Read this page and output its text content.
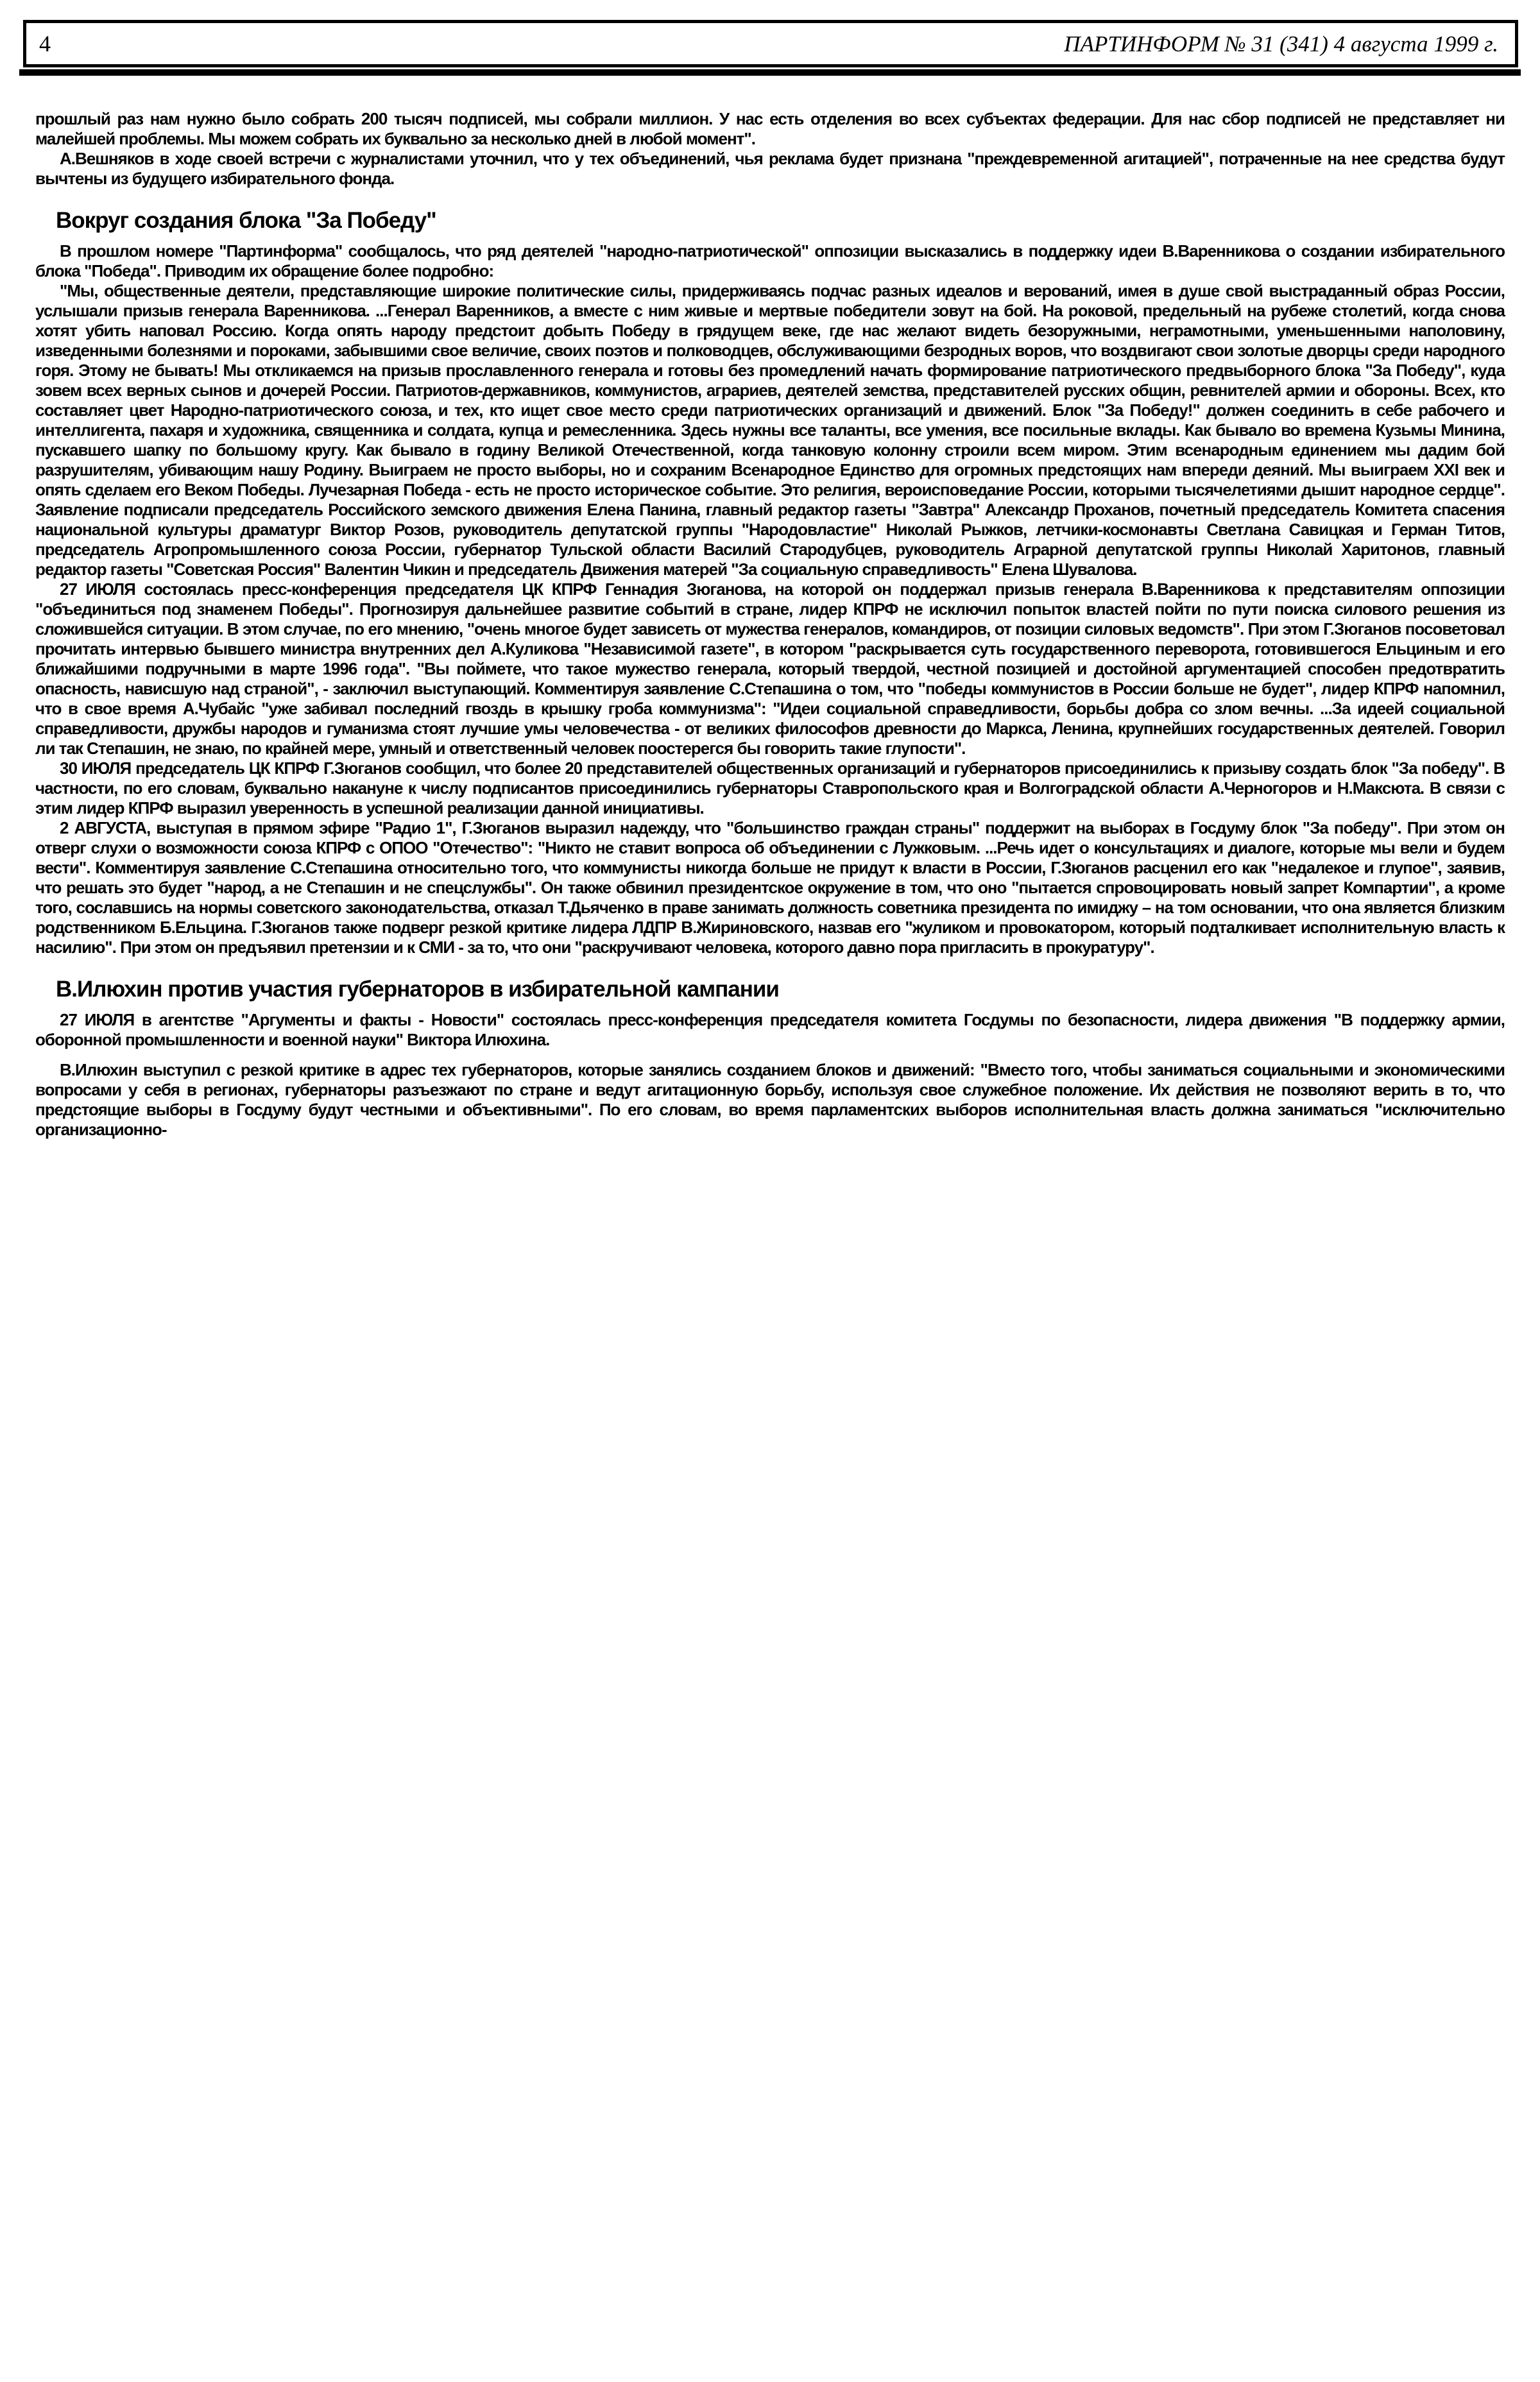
4	ПАРТИНФОРМ № 31 (341) 4 августа 1999 г.

прошлый раз нам нужно было собрать 200 тысяч подписей, мы собрали миллион. У нас есть отделения во всех субъектах федерации. Для нас сбор подписей не представляет ни малейшей проблемы. Мы можем собрать их буквально за несколько дней в любой момент".

А.Вешняков в ходе своей встречи с журналистами уточнил, что у тех объединений, чья реклама будет признана "преждевременной агитацией", потраченные на нее средства будут вычтены из будущего избирательного фонда.

Вокруг создания блока "За Победу"

В прошлом номере "Партинформа" сообщалось, что ряд деятелей "народно-патриотической" оппозиции высказались в поддержку идеи В.Варенникова о создании избирательного блока "Победа". Приводим их обращение более подробно:

"Мы, общественные деятели, представляющие широкие политические силы, придерживаясь подчас разных идеалов и верований, имея в душе свой выстраданный образ России, услышали призыв генерала Варенникова. ...Генерал Варенников, а вместе с ним живые и мертвые победители зовут на бой. На роковой, предельный на рубеже столетий, когда снова хотят убить наповал Россию. Когда опять народу предстоит добыть Победу в грядущем веке, где нас желают видеть безоружными, неграмотными, уменьшенными наполовину, изведенными болезнями и пороками, забывшими свое величие, своих поэтов и полководцев, обслуживающими безродных воров, что воздвигают свои золотые дворцы среди народного горя. Этому не бывать! Мы откликаемся на призыв прославленного генерала и готовы без промедлений начать формирование патриотического предвыборного блока "За Победу", куда зовем всех верных сынов и дочерей России. Патриотов-державников, коммунистов, аграриев, деятелей земства, представителей русских общин, ревнителей армии и обороны. Всех, кто составляет цвет Народно-патриотического союза, и тех, кто ищет свое место среди патриотических организаций и движений. Блок "За Победу!" должен соединить в себе рабочего и интеллигента, пахаря и художника, священника и солдата, купца и ремесленника. Здесь нужны все таланты, все умения, все посильные вклады. Как бывало во времена Кузьмы Минина, пускавшего шапку по большому кругу. Как бывало в годину Великой Отечественной, когда танковую колонну строили всем миром. Этим всенародным единением мы дадим бой разрушителям, убивающим нашу Родину. Выиграем не просто выборы, но и сохраним Всенародное Единство для огромных предстоящих нам впереди деяний. Мы выиграем XXI век и опять сделаем его Веком Победы. Лучезарная Победа - есть не просто историческое событие. Это религия, вероисповедание России, которыми тысячелетиями дышит народное сердце". Заявление подписали председатель Российского земского движения Елена Панина, главный редактор газеты "Завтра" Александр Проханов, почетный председатель Комитета спасения национальной культуры драматург Виктор Розов, руководитель депутатской группы "Народовластие" Николай Рыжков, летчики-космонавты Светлана Савицкая и Герман Титов, председатель Агропромышленного союза России, губернатор Тульской области Василий Стародубцев, руководитель Аграрной депутатской группы Николай Харитонов, главный редактор газеты "Советская Россия" Валентин Чикин и председатель Движения матерей "За социальную справедливость" Елена Шувалова.

27 ИЮЛЯ состоялась пресс-конференция председателя ЦК КПРФ Геннадия Зюганова, на которой он поддержал призыв генерала В.Варенникова к представителям оппозиции "объединиться под знаменем Победы". Прогнозируя дальнейшее развитие событий в стране, лидер КПРФ не исключил попыток властей пойти по пути поиска силового решения из сложившейся ситуации. В этом случае, по его мнению, "очень многое будет зависеть от мужества генералов, командиров, от позиции силовых ведомств". При этом Г.Зюганов посоветовал прочитать интервью бывшего министра внутренних дел А.Куликова "Независимой газете", в котором "раскрывается суть государственного переворота, готовившегося Ельциным и его ближайшими подручными в марте 1996 года". "Вы поймете, что такое мужество генерала, который твердой, честной позицией и достойной аргументацией способен предотвратить опасность, нависшую над страной", - заключил выступающий. Комментируя заявление С.Степашина о том, что "победы коммунистов в России больше не будет", лидер КПРФ напомнил, что в свое время А.Чубайс "уже забивал последний гвоздь в крышку гроба коммунизма": "Идеи социальной справедливости, борьбы добра со злом вечны. ...За идеей социальной справедливости, дружбы народов и гуманизма стоят лучшие умы человечества - от великих философов древности до Маркса, Ленина, крупнейших государственных деятелей. Говорил ли так Степашин, не знаю, по крайней мере, умный и ответственный человек поостерегся бы говорить такие глупости".

30 ИЮЛЯ председатель ЦК КПРФ Г.Зюганов сообщил, что более 20 представителей общественных организаций и губернаторов присоединились к призыву создать блок "За победу". В частности, по его словам, буквально накануне к числу подписантов присоединились губернаторы Ставропольского края и Волгоградской области А.Черногоров и Н.Максюта. В связи с этим лидер КПРФ выразил уверенность в успешной реализации данной инициативы.

2 АВГУСТА, выступая в прямом эфире "Радио 1", Г.Зюганов выразил надежду, что "большинство граждан страны" поддержит на выборах в Госдуму блок "За победу". При этом он отверг слухи о возможности союза КПРФ с ОПОО "Отечество": "Никто не ставит вопроса об объединении с Лужковым. ...Речь идет о консультациях и диалоге, которые мы вели и будем вести". Комментируя заявление С.Степашина относительно того, что коммунисты никогда больше не придут к власти в России, Г.Зюганов расценил его как "недалекое и глупое", заявив, что решать это будет "народ, а не Степашин и не спецслужбы". Он также обвинил президентское окружение в том, что оно "пытается спровоцировать новый запрет Компартии", а кроме того, сославшись на нормы советского законодательства, отказал Т.Дьяченко в праве занимать должность советника президента по имиджу – на том основании, что она является близким родственником Б.Ельцина. Г.Зюганов также подверг резкой критике лидера ЛДПР В.Жириновского, назвав его "жуликом и провокатором, который подталкивает исполнительную власть к насилию". При этом он предъявил претензии и к СМИ - за то, что они "раскручивают человека, которого давно пора пригласить в прокуратуру".

В.Илюхин против участия губернаторов в избирательной кампании

27 ИЮЛЯ в агентстве "Аргументы и факты - Новости" состоялась пресс-конференция председателя комитета Госдумы по безопасности, лидера движения "В поддержку армии, оборонной промышленности и военной науки" Виктора Илюхина.

В.Илюхин выступил с резкой критике в адрес тех губернаторов, которые занялись созданием блоков и движений: "Вместо того, чтобы заниматься социальными и экономическими вопросами у себя в регионах, губернаторы разъезжают по стране и ведут агитационную борьбу, используя свое служебное положение. Их действия не позволяют верить в то, что предстоящие выборы в Госдуму будут честными и объективными". По его словам, во время парламентских выборов исполнительная власть должна заниматься "исключительно организационно-
